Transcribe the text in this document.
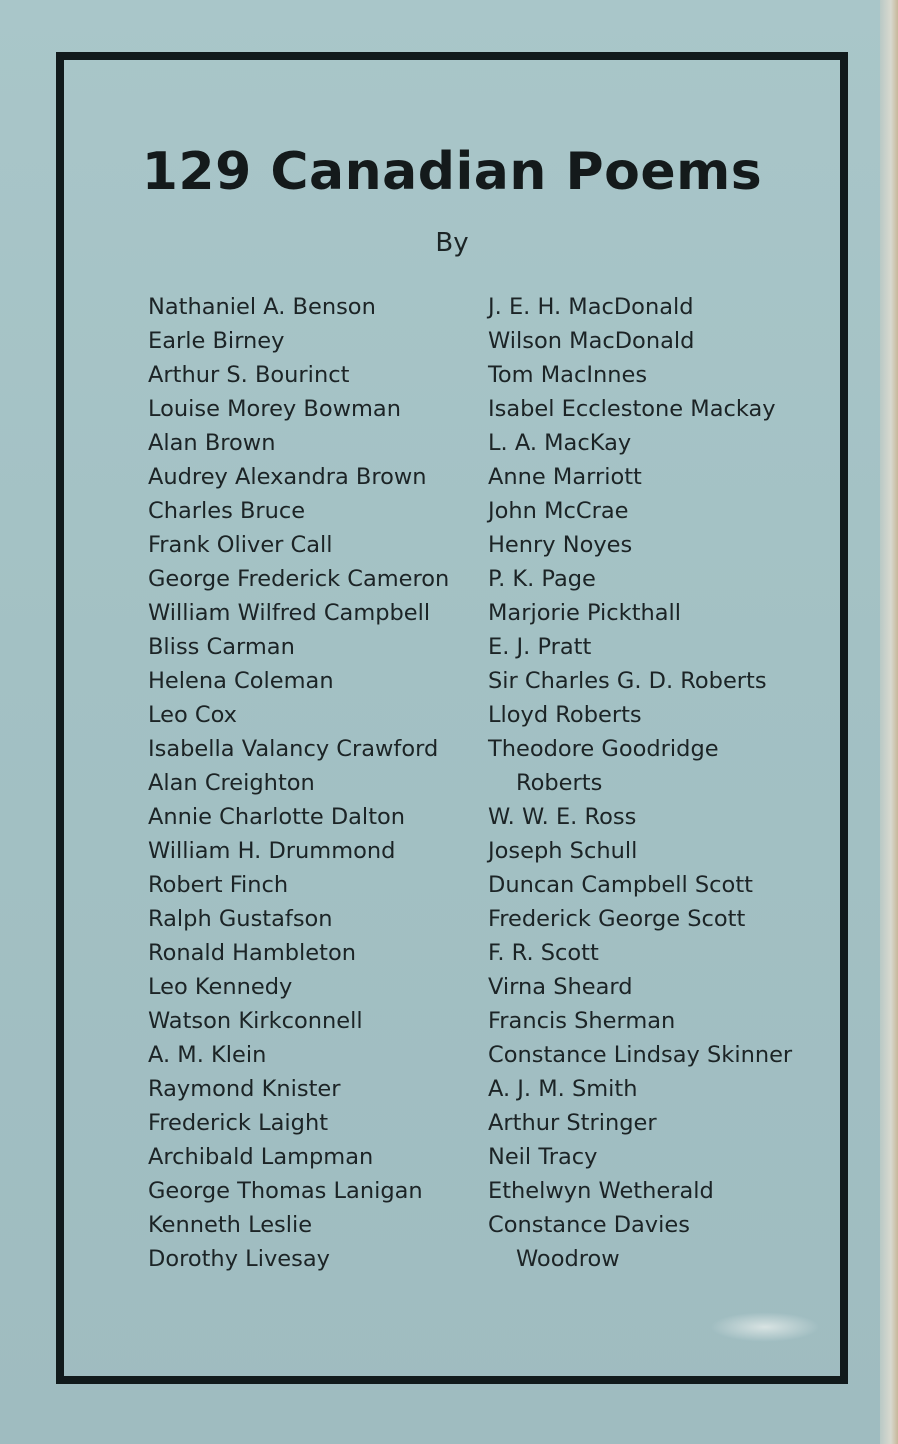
129 Canadian Poems

By

Nathaniel A. Benson
Earle Birney
Arthur S. Bourinct
Louise Morey Bowman
Alan Brown
Audrey Alexandra Brown
Charles Bruce
Frank Oliver Call
George Frederick Cameron
William Wilfred Campbell
Bliss Carman
Helena Coleman
Leo Cox
Isabella Valancy Crawford
Alan Creighton
Annie Charlotte Dalton
William H. Drummond
Robert Finch
Ralph Gustafson
Ronald Hambleton
Leo Kennedy
Watson Kirkconnell
A. M. Klein
Raymond Knister
Frederick Laight
Archibald Lampman
George Thomas Lanigan
Kenneth Leslie
Dorothy Livesay
J. E. H. MacDonald
Wilson MacDonald
Tom MacInnes
Isabel Ecclestone Mackay
L. A. MacKay
Anne Marriott
John McCrae
Henry Noyes
P. K. Page
Marjorie Pickthall
E. J. Pratt
Sir Charles G. D. Roberts
Lloyd Roberts
Theodore Goodridge
Roberts
W. W. E. Ross
Joseph Schull
Duncan Campbell Scott
Frederick George Scott
F. R. Scott
Virna Sheard
Francis Sherman
Constance Lindsay Skinner
A. J. M. Smith
Arthur Stringer
Neil Tracy
Ethelwyn Wetherald
Constance Davies
Woodrow
